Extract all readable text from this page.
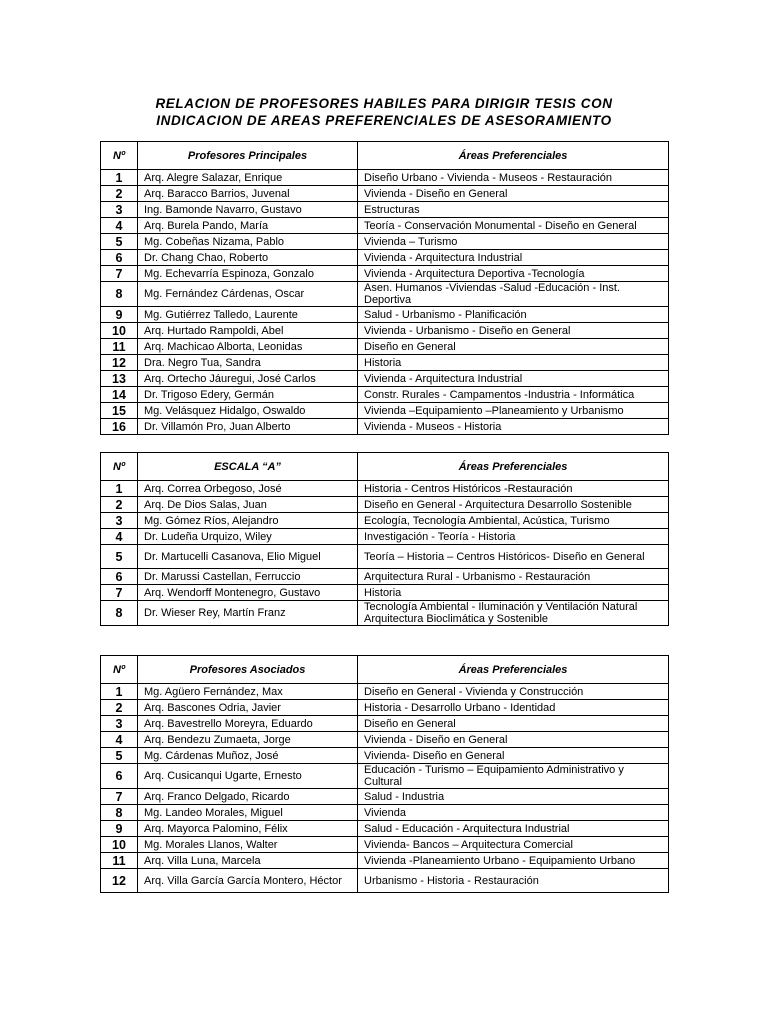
RELACION DE PROFESORES HABILES PARA DIRIGIR TESIS CON
INDICACION DE AREAS PREFERENCIALES DE ASESORAMIENTO
Nº	Profesores Principales	Áreas Preferenciales
1	Arq. Alegre Salazar, Enrique	Diseño Urbano - Vivienda - Museos - Restauración
2	Arq. Baracco Barrios, Juvenal	Vivienda - Diseño en General
3	Ing. Bamonde Navarro, Gustavo	Estructuras
4	Arq. Burela Pando, María	Teoría - Conservación Monumental - Diseño en General
5	Mg. Cobeñas Nizama, Pablo	Vivienda – Turismo
6	Dr. Chang Chao, Roberto	Vivienda - Arquitectura Industrial
7	Mg. Echevarría Espinoza, Gonzalo	Vivienda - Arquitectura Deportiva -Tecnología
8	Mg. Fernández Cárdenas, Oscar	Asen. Humanos -Viviendas -Salud -Educación - Inst. Deportiva
9	Mg. Gutiérrez Talledo, Laurente	Salud - Urbanismo - Planificación
10	Arq. Hurtado Rampoldi, Abel	Vivienda - Urbanismo - Diseño en General
11	Arq. Machicao Alborta, Leonidas	Diseño en General
12	Dra. Negro Tua, Sandra	Historia
13	Arq. Ortecho Jáuregui, José Carlos	Vivienda - Arquitectura Industrial
14	Dr. Trigoso Edery, Germán	Constr. Rurales - Campamentos -Industria - Informática
15	Mg. Velásquez Hidalgo, Oswaldo	Vivienda –Equipamiento –Planeamiento y Urbanismo
16	Dr. Villamón Pro, Juan Alberto	Vivienda - Museos - Historia
Nº	ESCALA “A”	Áreas Preferenciales
1	Arq. Correa Orbegoso, José	Historia - Centros Históricos -Restauración
2	Arq. De Dios Salas, Juan	Diseño en General - Arquitectura Desarrollo Sostenible
3	Mg. Gómez Ríos, Alejandro	Ecología, Tecnología Ambiental, Acústica, Turismo
4	Dr. Ludeña Urquizo, Wiley	Investigación - Teoría - Historia
5	Dr. Martucelli Casanova, Elio Miguel	Teoría – Historia – Centros Históricos- Diseño en General
6	Dr. Marussi Castellan, Ferruccio	Arquitectura Rural - Urbanismo - Restauración
7	Arq. Wendorff Montenegro, Gustavo	Historia
8	Dr. Wieser Rey, Martín Franz	Tecnología Ambiental - Iluminación y Ventilación Natural Arquitectura Bioclimática y Sostenible
Nº	Profesores Asociados	Áreas Preferenciales
1	Mg. Agüero Fernández, Max	Diseño en General - Vivienda y Construcción
2	Arq. Bascones Odria, Javier	Historia - Desarrollo Urbano - Identidad
3	Arq. Bavestrello Moreyra, Eduardo	Diseño en General
4	Arq. Bendezu Zumaeta, Jorge	Vivienda - Diseño en General
5	Mg. Cárdenas Muñoz, José	Vivienda- Diseño en General
6	Arq. Cusicanqui Ugarte, Ernesto	Educación - Turismo – Equipamiento Administrativo y Cultural
7	Arq. Franco Delgado, Ricardo	Salud - Industria
8	Mg. Landeo Morales, Miguel	Vivienda
9	Arq. Mayorca Palomino, Félix	Salud - Educación - Arquitectura Industrial
10	Mg. Morales Llanos, Walter	Vivienda- Bancos – Arquitectura Comercial
11	Arq. Villa Luna, Marcela	Vivienda -Planeamiento Urbano - Equipamiento Urbano
12	Arq. Villa García García Montero, Héctor	Urbanismo - Historia - Restauración
